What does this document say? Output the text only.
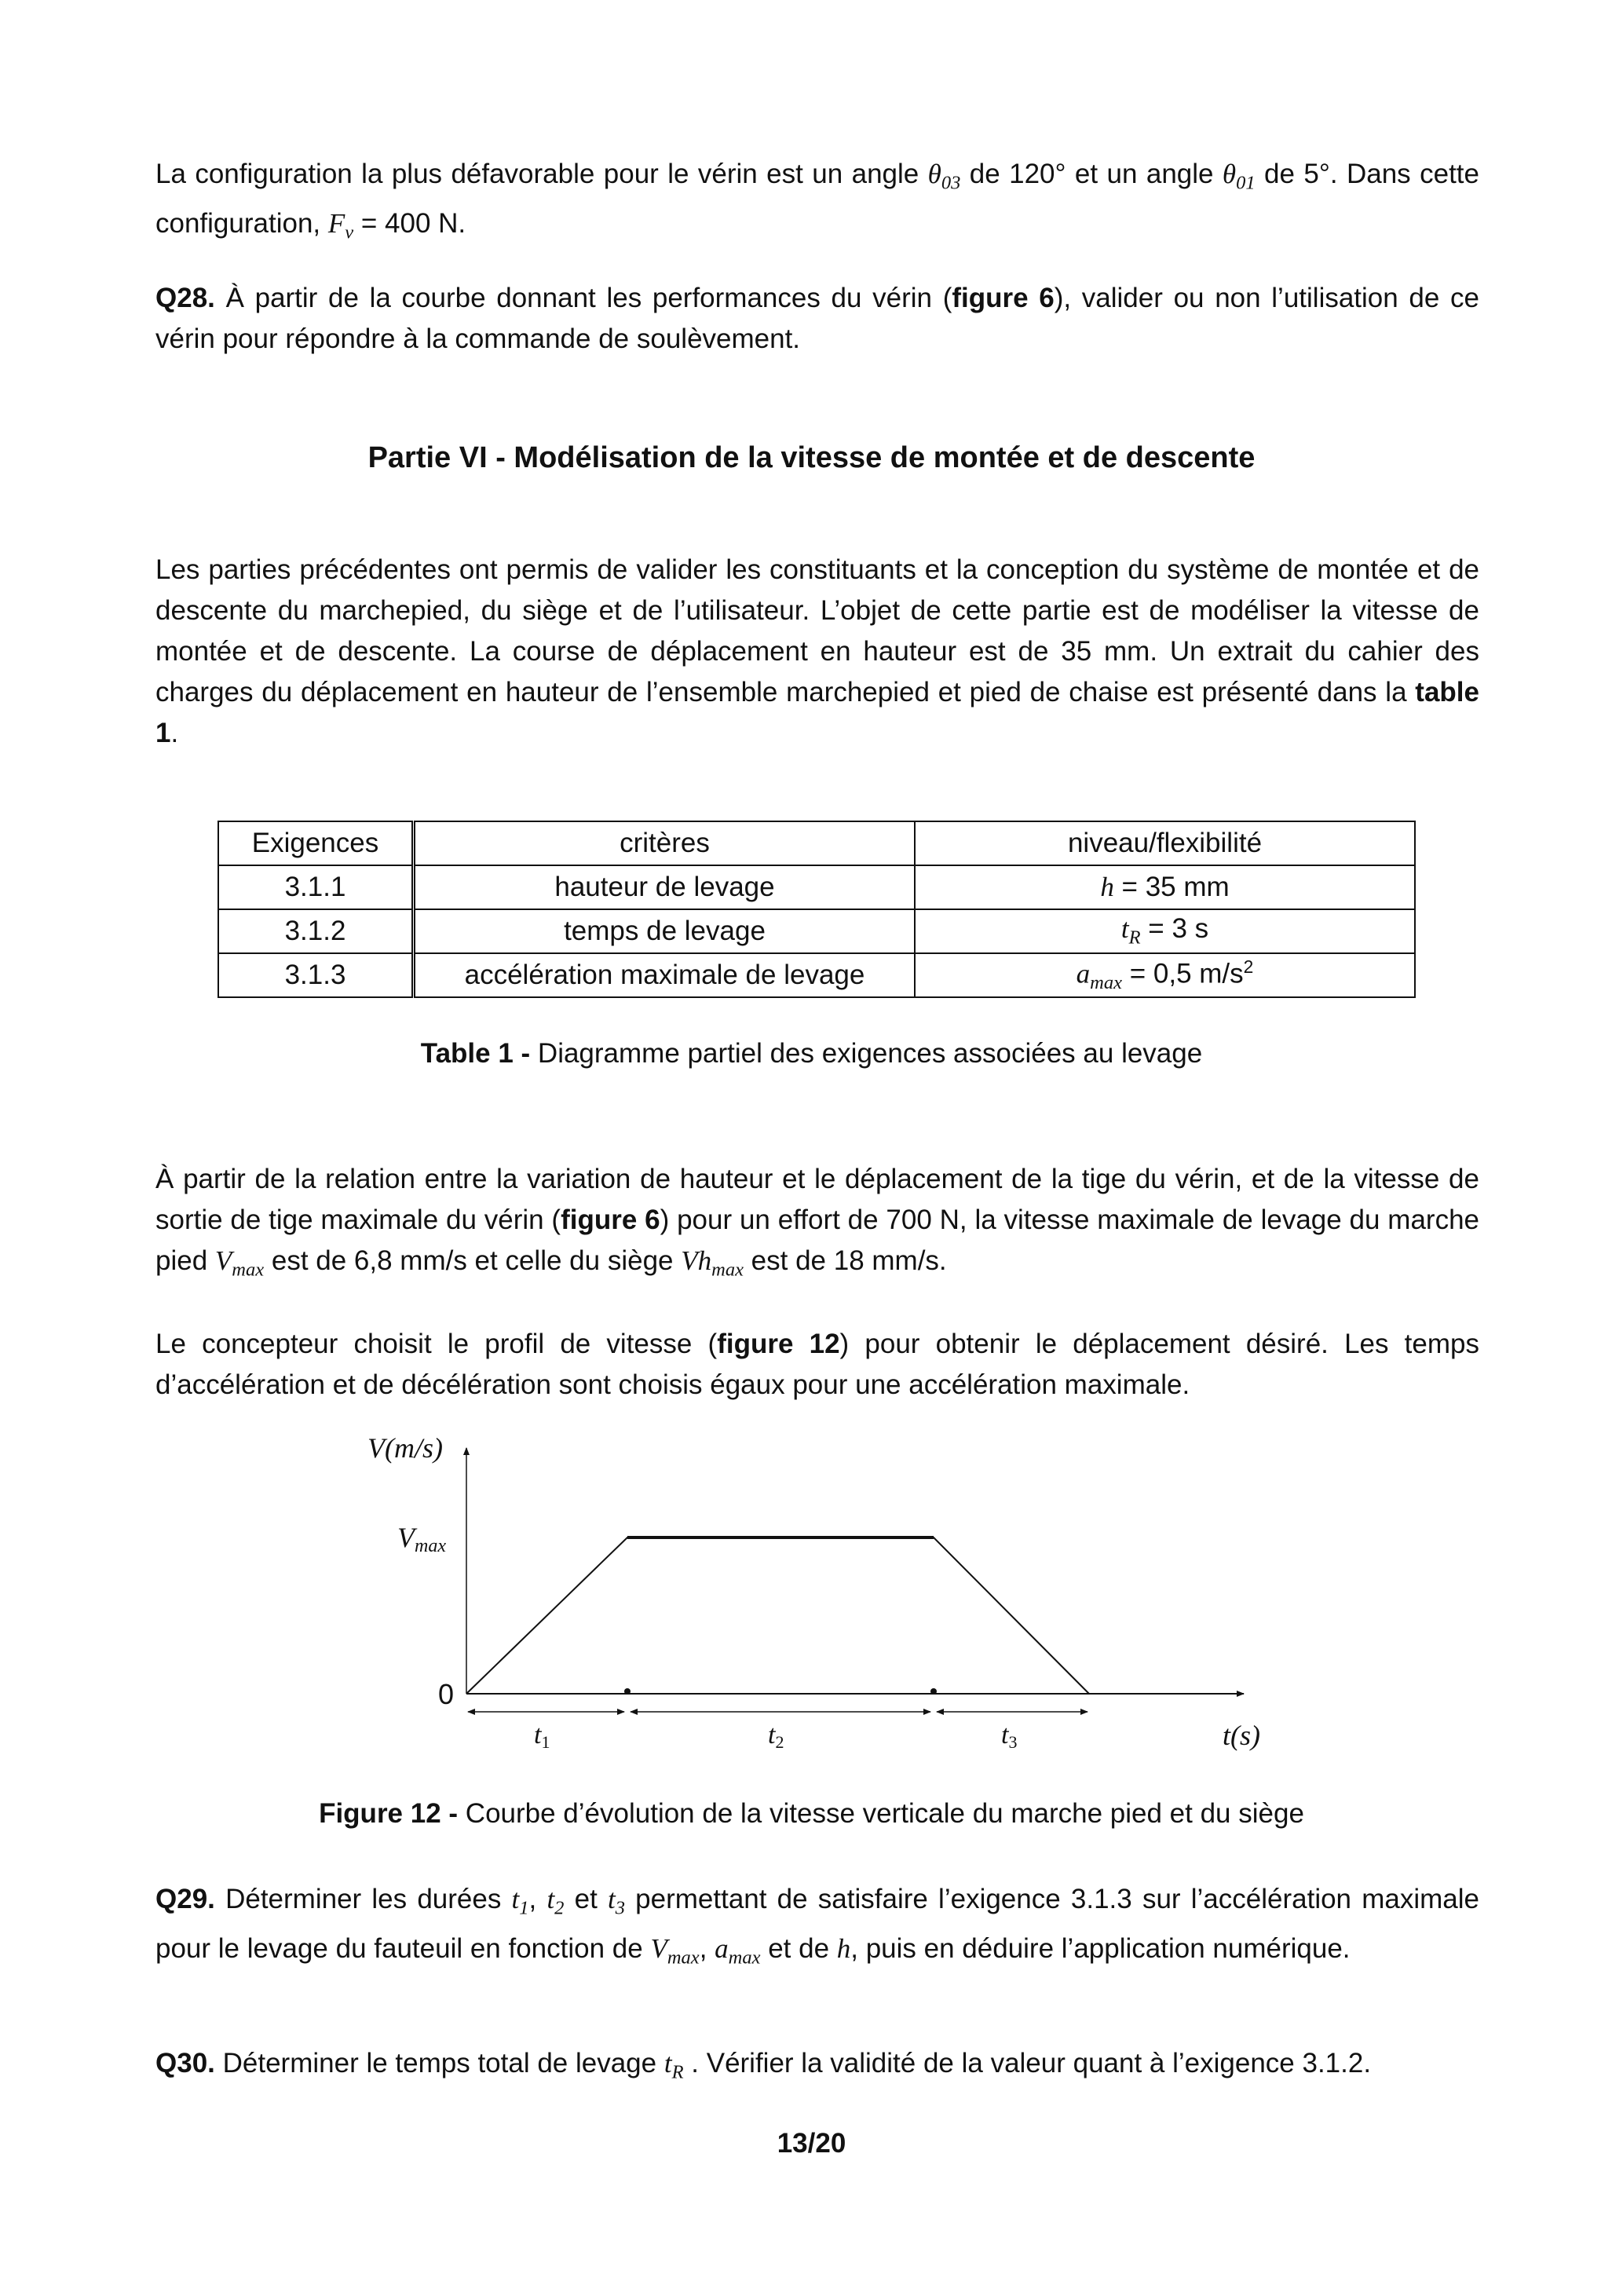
La configuration la plus défavorable pour le vérin est un angle $\theta_{03}$ de 120° et un angle $\theta_{01}$ de 5°. Dans cette configuration, $F_v = 400$ N.
Q28. À partir de la courbe donnant les performances du vérin (figure 6), valider ou non l’utilisation de ce vérin pour répondre à la commande de soulèvement.
Partie VI - Modélisation de la vitesse de montée et de descente
Les parties précédentes ont permis de valider les constituants et la conception du système de montée et de descente du marchepied, du siège et de l’utilisateur. L’objet de cette partie est de modéliser la vitesse de montée et de descente. La course de déplacement en hauteur est de 35 mm. Un extrait du cahier des charges du déplacement en hauteur de l’ensemble marchepied et pied de chaise est présenté dans la table 1.
Exigences	critères	niveau/flexibilité
3.1.1	hauteur de levage	h = 35 mm
3.1.2	temps de levage	$t_R = 3$ s
3.1.3	accélération maximale de levage	$a_{max} = 0,5$ $m/s^2$
Table 1 - Diagramme partiel des exigences associées au levage
À partir de la relation entre la variation de hauteur et le déplacement de la tige du vérin, et de la vitesse de sortie de tige maximale du vérin (figure 6) pour un effort de 700 N, la vitesse maximale de levage du marche pied $V_{max}$ est de 6,8 mm/s et celle du siège $Vh_{max}$ est de 18 mm/s.
Le concepteur choisit le profil de vitesse (figure 12) pour obtenir le déplacement désiré. Les temps d’accélération et de décélération sont choisis égaux pour une accélération maximale.
V(m/s)
Vmax
0
t1	t2	t3	t(s)
Figure 12 - Courbe d’évolution de la vitesse verticale du marche pied et du siège
Q29. Déterminer les durées $t_1$, $t_2$ et $t_3$ permettant de satisfaire l’exigence 3.1.3 sur l’accélération maximale pour le levage du fauteuil en fonction de $V_{max}$, $a_{max}$ et de h, puis en déduire l’application numérique.
Q30. Déterminer le temps total de levage $t_R$ . Vérifier la validité de la valeur quant à l’exigence 3.1.2.
13/20
